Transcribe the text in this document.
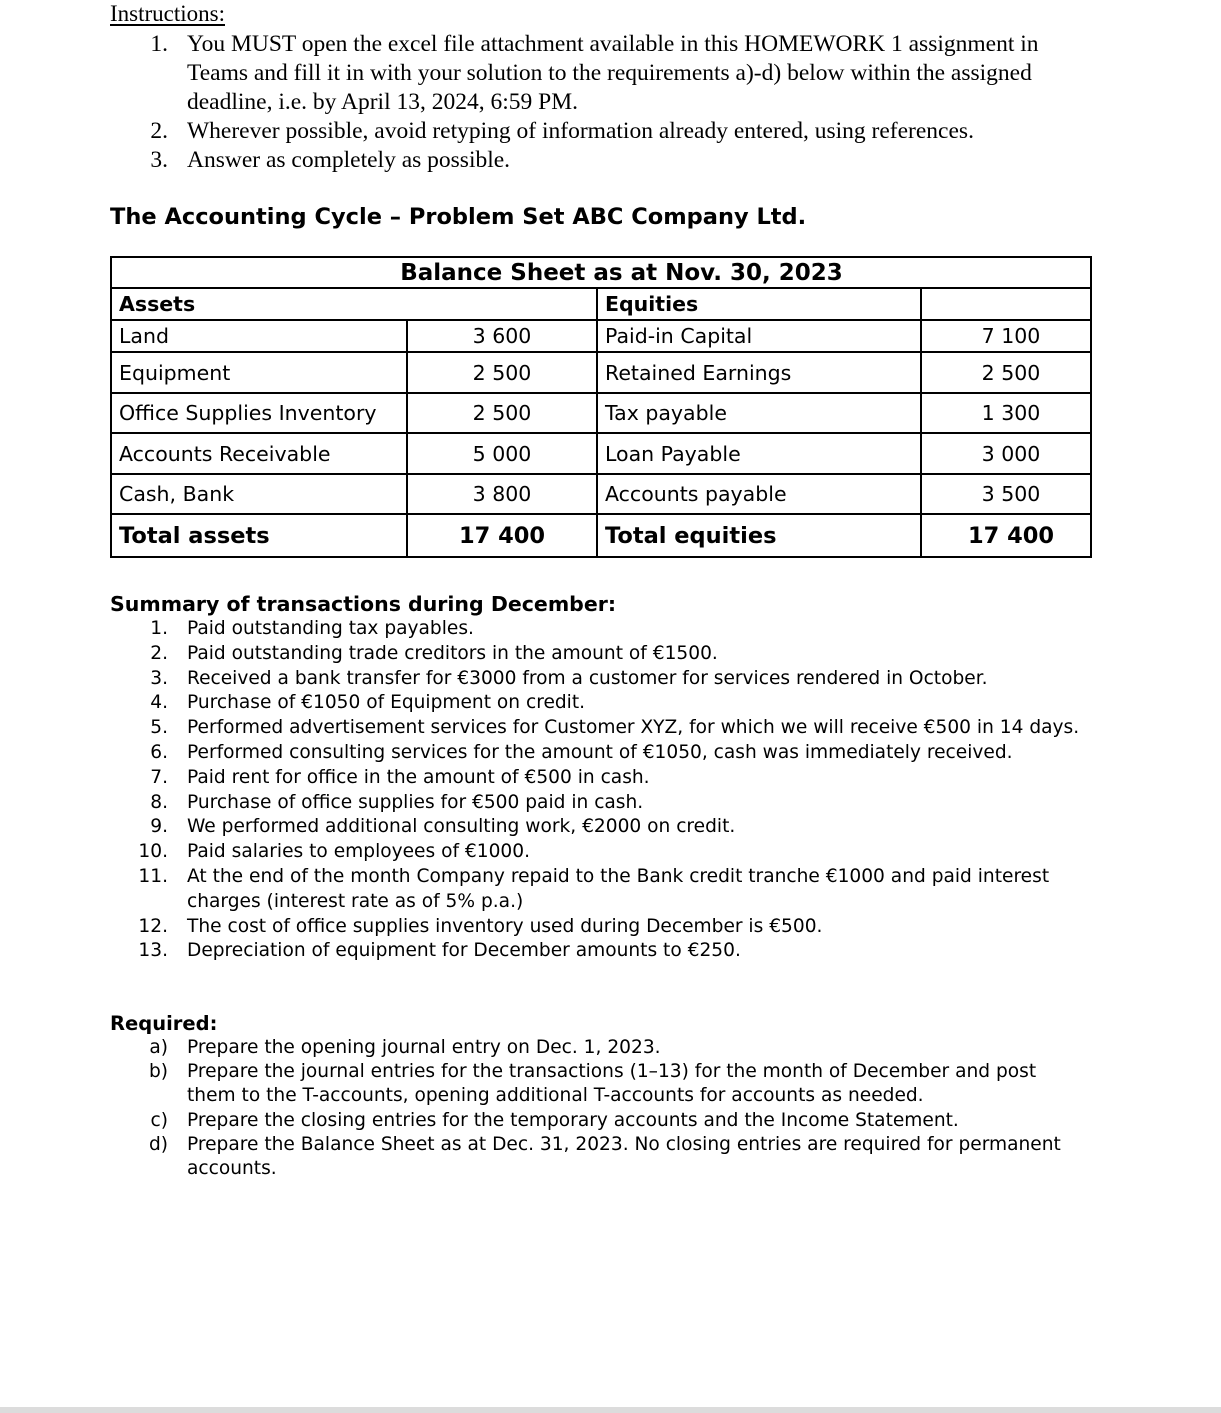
Instructions:
1. You MUST open the excel file attachment available in this HOMEWORK 1 assignment in Teams and fill it in with your solution to the requirements a)-d) below within the assigned deadline, i.e. by April 13, 2024, 6:59 PM.
2. Wherever possible, avoid retyping of information already entered, using references.
3. Answer as completely as possible.
The Accounting Cycle – Problem Set ABC Company Ltd.
Balance Sheet as at Nov. 30, 2023			
Assets		Equities	
Land	3 600	Paid-in Capital	7 100
Equipment	2 500	Retained Earnings	2 500
Office Supplies Inventory	2 500	Tax payable	1 300
Accounts Receivable	5 000	Loan Payable	3 000
Cash, Bank	3 800	Accounts payable	3 500
Total assets	17 400	Total equities	17 400
Summary of transactions during December:
1. Paid outstanding tax payables.
2. Paid outstanding trade creditors in the amount of €1500.
3. Received a bank transfer for €3000 from a customer for services rendered in October.
4. Purchase of €1050 of Equipment on credit.
5. Performed advertisement services for Customer XYZ, for which we will receive €500 in 14 days.
6. Performed consulting services for the amount of €1050, cash was immediately received.
7. Paid rent for office in the amount of €500 in cash.
8. Purchase of office supplies for €500 paid in cash.
9. We performed additional consulting work, €2000 on credit.
10. Paid salaries to employees of €1000.
11. At the end of the month Company repaid to the Bank credit tranche €1000 and paid interest charges (interest rate as of 5% p.a.)
12. The cost of office supplies inventory used during December is €500.
13. Depreciation of equipment for December amounts to €250.
Required:
a) Prepare the opening journal entry on Dec. 1, 2023.
b) Prepare the journal entries for the transactions (1–13) for the month of December and post them to the T-accounts, opening additional T-accounts for accounts as needed.
c) Prepare the closing entries for the temporary accounts and the Income Statement.
d) Prepare the Balance Sheet as at Dec. 31, 2023. No closing entries are required for permanent accounts.
